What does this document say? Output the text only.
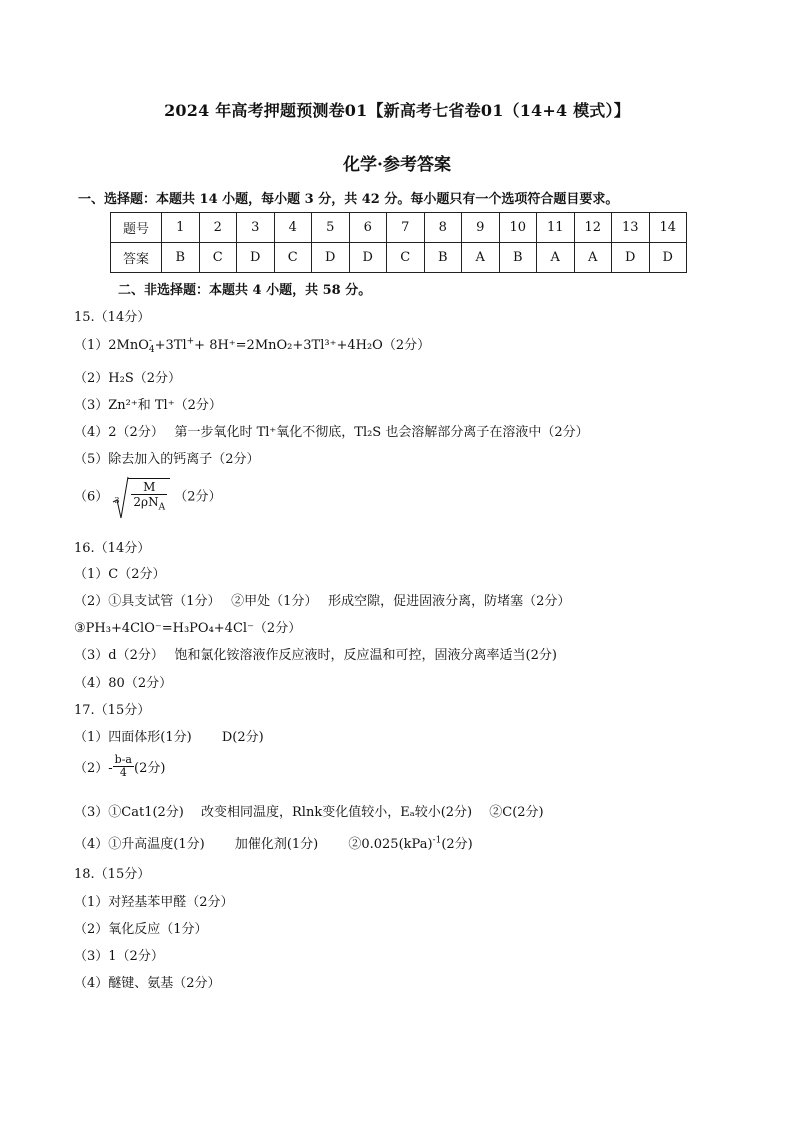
2024 年高考押题预测卷01【新高考七省卷01（14+4 模式）】
化学·参考答案
一、选择题：本题共 14 小题，每小题 3 分，共 42 分。每小题只有一个选项符合题目要求。
题号	1	2	3	4	5	6	7	8	9	10	11	12	13	14
答案	B	C	D	C	D	D	C	B	A	B	A	A	D	D
二、非选择题：本题共 4 小题，共 58 分。
15.（14分）
（1）2MnO -
4 +3Tl++ 8H⁺=2MnO₂+3Tl³⁺+4H₂O（2分）
（2）H₂S（2分）
（3）Zn²⁺和 Tl⁺（2分）
（4）2（2分）　 第一步氧化时 Tl⁺氧化不彻底，Tl₂S 也会溶解部分离子在溶液中（2分）
（5）除去加入的钙离子（2分）
（6） $3 \frac{M}{2\rho N_A} (2$分）
16.（14分）
（1）C（2分）
（2）①具支试管（1分）　 ②甲处（1分）　 形成空隙，促进固液分离，防堵塞（2分）
③PH₃+4ClO⁻=H₃PO₄+4Cl⁻（2分）
（3）d（2分）　 饱和氯化铵溶液作反应液时，反应温和可控，固液分离率适当(2分)
（4）80（2分）
17.（15分）
（1）四面体形(1分)　　 D(2分)
$(2)- \frac{b-a}{4} (2$分)
（3）①Cat1(2分)　 改变相同温度，Rlnk变化值较小，Eₐ较小(2分)　 ②C(2分)
（4）①升高温度(1分)　　 加催化剂(1分)　　 ②0.025(kPa)$^{-1}$(2分)
18.（15分）
（1）对羟基苯甲醛（2分）
（2）氧化反应（1分）
（3）1（2分）
（4）醚键、氨基（2分）
